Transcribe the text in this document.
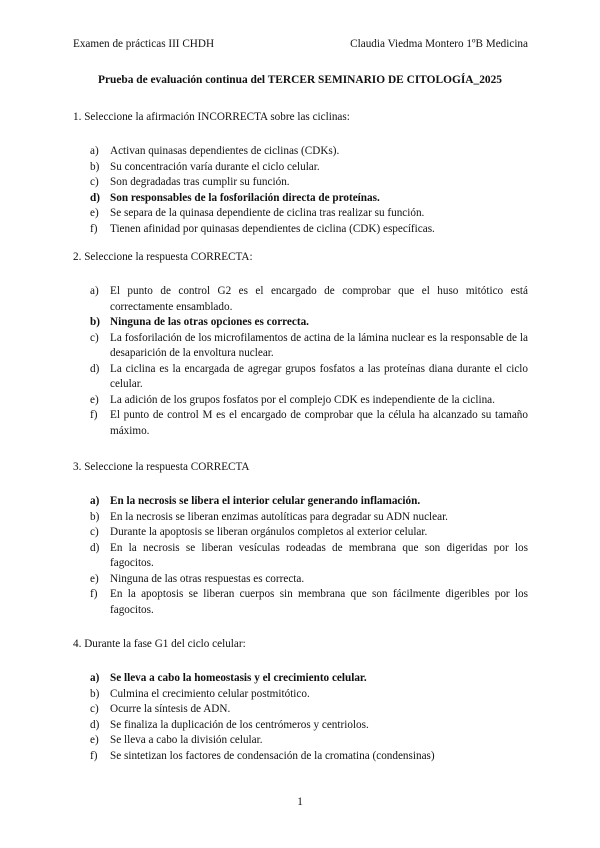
Examen de prácticas III CHDH	Claudia Viedma Montero 1ºB Medicina
Prueba de evaluación continua del TERCER SEMINARIO DE CITOLOGÍA_2025
1. Seleccione la afirmación INCORRECTA sobre las ciclinas:
a)	Activan quinasas dependientes de ciclinas (CDKs).
b) Su concentración varía durante el ciclo celular.
c)	Son degradadas tras cumplir su función.
d) Son responsables de la fosforilación directa de proteínas.
e)	Se separa de la quinasa dependiente de ciclina tras realizar su función.
f)	Tienen afinidad por quinasas dependientes de ciclina (CDK) específicas.
2. Seleccione la respuesta CORRECTA:
a)	El punto de control G2 es el encargado de comprobar que el huso mitótico está correctamente ensamblado.
b) Ninguna de las otras opciones es correcta.
c)	La fosforilación de los microfilamentos de actina de la lámina nuclear es la responsable de la desaparición de la envoltura nuclear.
d) La ciclina es la encargada de agregar grupos fosfatos a las proteínas diana durante el ciclo celular.
e)	La adición de los grupos fosfatos por el complejo CDK es independiente de la ciclina.
f)	El punto de control M es el encargado de comprobar que la célula ha alcanzado su tamaño máximo.
3. Seleccione la respuesta CORRECTA
a) En la necrosis se libera el interior celular generando inflamación.
b) En la necrosis se liberan enzimas autolíticas para degradar su ADN nuclear.
c)	Durante la apoptosis se liberan orgánulos completos al exterior celular.
d) En la necrosis se liberan vesículas rodeadas de membrana que son digeridas por los fagocitos.
e)	Ninguna de las otras respuestas es correcta.
f)	En la apoptosis se liberan cuerpos sin membrana que son fácilmente digeribles por los fagocitos.
4. Durante la fase G1 del ciclo celular:
a) Se lleva a cabo la homeostasis y el crecimiento celular.
b) Culmina el crecimiento celular postmitótico.
c)	Ocurre la síntesis de ADN.
d) Se finaliza la duplicación de los centrómeros y centriolos.
e)	Se lleva a cabo la división celular.
f)	Se sintetizan los factores de condensación de la cromatina (condensinas)
1
